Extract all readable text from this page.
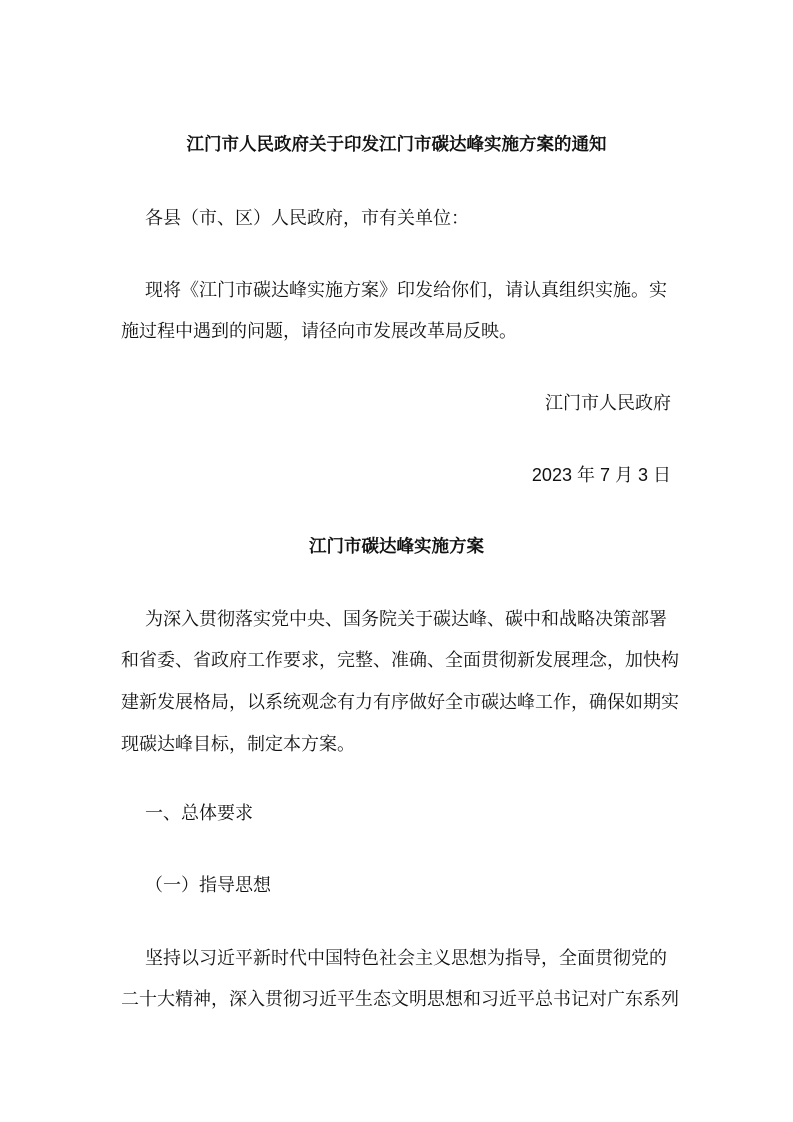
江门市人民政府关于印发江门市碳达峰实施方案的通知
各县（市、区）人民政府，市有关单位：
现将《江门市碳达峰实施方案》印发给你们，请认真组织实施。实
施过程中遇到的问题，请径向市发展改革局反映。
江门市人民政府
2023 年 7 月 3 日
江门市碳达峰实施方案
为深入贯彻落实党中央、国务院关于碳达峰、碳中和战略决策部署
和省委、省政府工作要求，完整、准确、全面贯彻新发展理念，加快构
建新发展格局，以系统观念有力有序做好全市碳达峰工作，确保如期实
现碳达峰目标，制定本方案。
一、总体要求
（一）指导思想
坚持以习近平新时代中国特色社会主义思想为指导，全面贯彻党的
二十大精神，深入贯彻习近平生态文明思想和习近平总书记对广东系列
